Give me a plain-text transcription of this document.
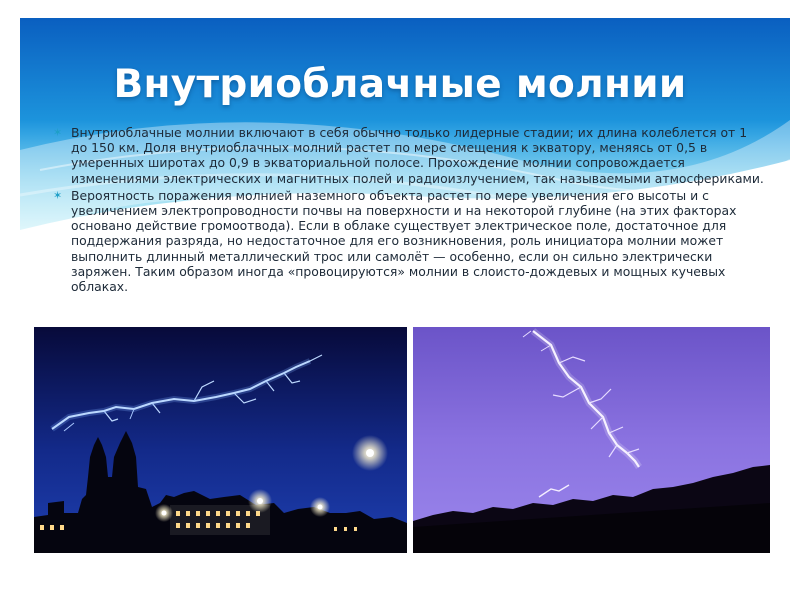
Внутриоблачные молнии
✶ Внутриоблачные молнии включают в себя обычно только лидерные стадии; их длина колеблется от 1 до 150 км. Доля внутриоблачных молний растет по мере смещения к экватору, меняясь от 0,5 в умеренных широтах до 0,9 в экваториальной полосе. Прохождение молнии сопровождается изменениями электрических и магнитных полей и радиоизлучением, так называемыми атмосфериками.
✶ Вероятность поражения молнией наземного объекта растет по мере увеличения его высоты и с увеличением электропроводности почвы на поверхности и на некоторой глубине (на этих факторах основано действие громоотвода). Если в облаке существует электрическое поле, достаточное для поддержания разряда, но недостаточное для его возникновения, роль инициатора молнии может выполнить длинный металлический трос или самолёт — особенно, если он сильно электрически заряжен. Таким образом иногда «провоцируются» молнии в слоисто-дождевых и мощных кучевых облаках.
